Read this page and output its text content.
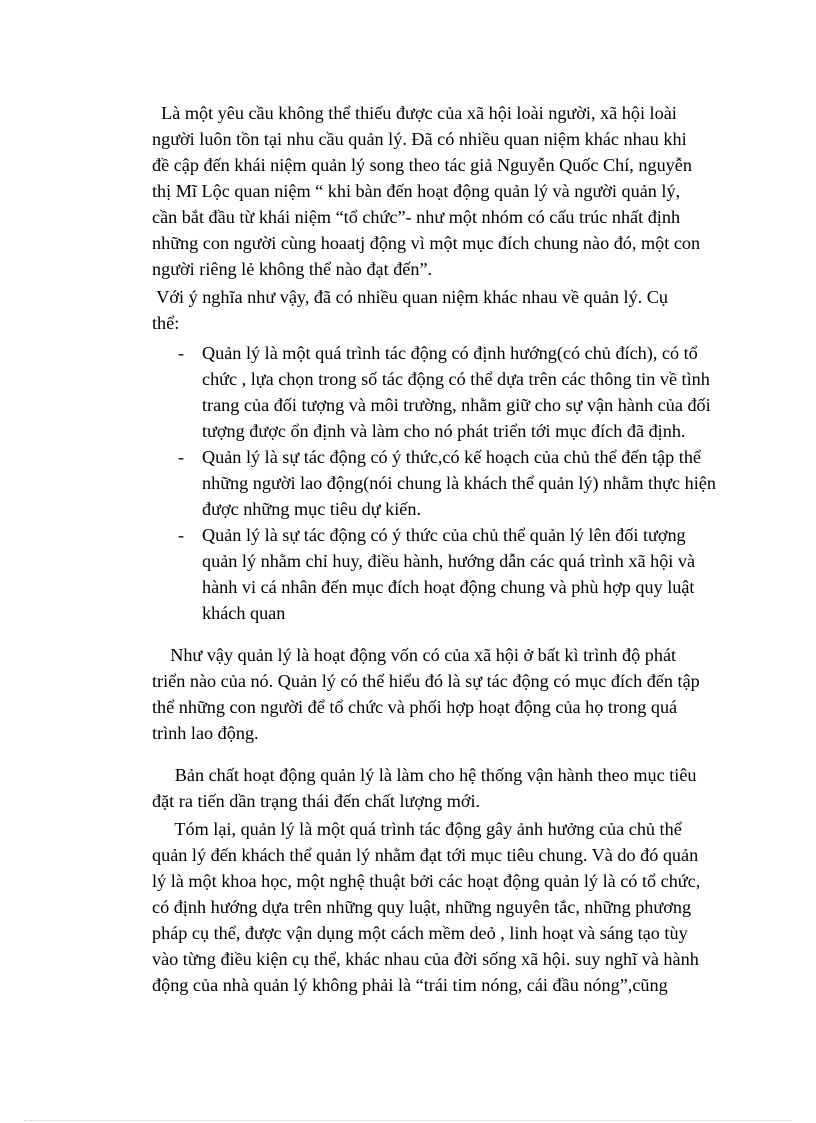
Là một yêu cầu không thể thiếu được của xã hội loài người, xã hội loài
người luôn tồn tại nhu cầu quản lý. Đã có nhiều quan niệm khác nhau khi
đề cập đến khái niệm quản lý song theo tác giả Nguyễn Quốc Chí, nguyễn
thị Mĩ Lộc quan niệm “ khi bàn đến hoạt động quản lý và người quản lý,
cần bắt đầu từ khái niệm “tổ chức”- như một nhóm có cấu trúc nhất định
những con người cùng hoaatj động vì một mục đích chung nào đó, một con
người riêng lẻ không thể nào đạt đến”.

Với ý nghĩa như vậy, đã có nhiều quan niệm khác nhau về quản lý. Cụ
thể:

- Quản lý là một quá trình tác động có định hướng(có chủ đích), có tổ
chức , lựa chọn trong số tác động có thể dựa trên các thông tin về tình
trang của đối tượng và môi trường, nhằm giữ cho sự vận hành của đối
tượng được ổn định và làm cho nó phát triển tới mục đích đã định.
- Quản lý là sự tác động có ý thức,có kế hoạch của chủ thể đến tập thể
những người lao động(nói chung là khách thể quản lý) nhằm thực hiện
được những mục tiêu dự kiến.
- Quản lý là sự tác động có ý thức của chủ thể quản lý lên đối tượng
quản lý nhằm chỉ huy, điều hành, hướng dẫn các quá trình xã hội và
hành vi cá nhân đến mục đích hoạt động chung và phù hợp quy luật
khách quan

Như vậy quản lý là hoạt động vốn có của xã hội ở bất kì trình độ phát
triển nào của nó. Quản lý có thể hiểu đó là sự tác động có mục đích đến tập
thể những con người để tổ chức và phối hợp hoạt động của họ trong quá
trình lao động.

Bản chất hoạt động quản lý là làm cho hệ thống vận hành theo mục tiêu
đặt ra tiến dần trạng thái đến chất lượng mới.

Tóm lại, quản lý là một quá trình tác động gây ảnh hưởng của chủ thể
quản lý đến khách thể quản lý nhằm đạt tới mục tiêu chung. Và do đó quản
lý là một khoa học, một nghệ thuật bởi các hoạt động quản lý là có tổ chức,
có định hướng dựa trên những quy luật, những nguyên tắc, những phương
pháp cụ thể, được vận dụng một cách mềm deỏ , linh hoạt và sáng tạo tùy
vào từng điều kiện cụ thể, khác nhau của đời sống xã hội. suy nghĩ và hành
động của nhà quản lý không phải là “trái tim nóng, cái đầu nóng”,cũng
